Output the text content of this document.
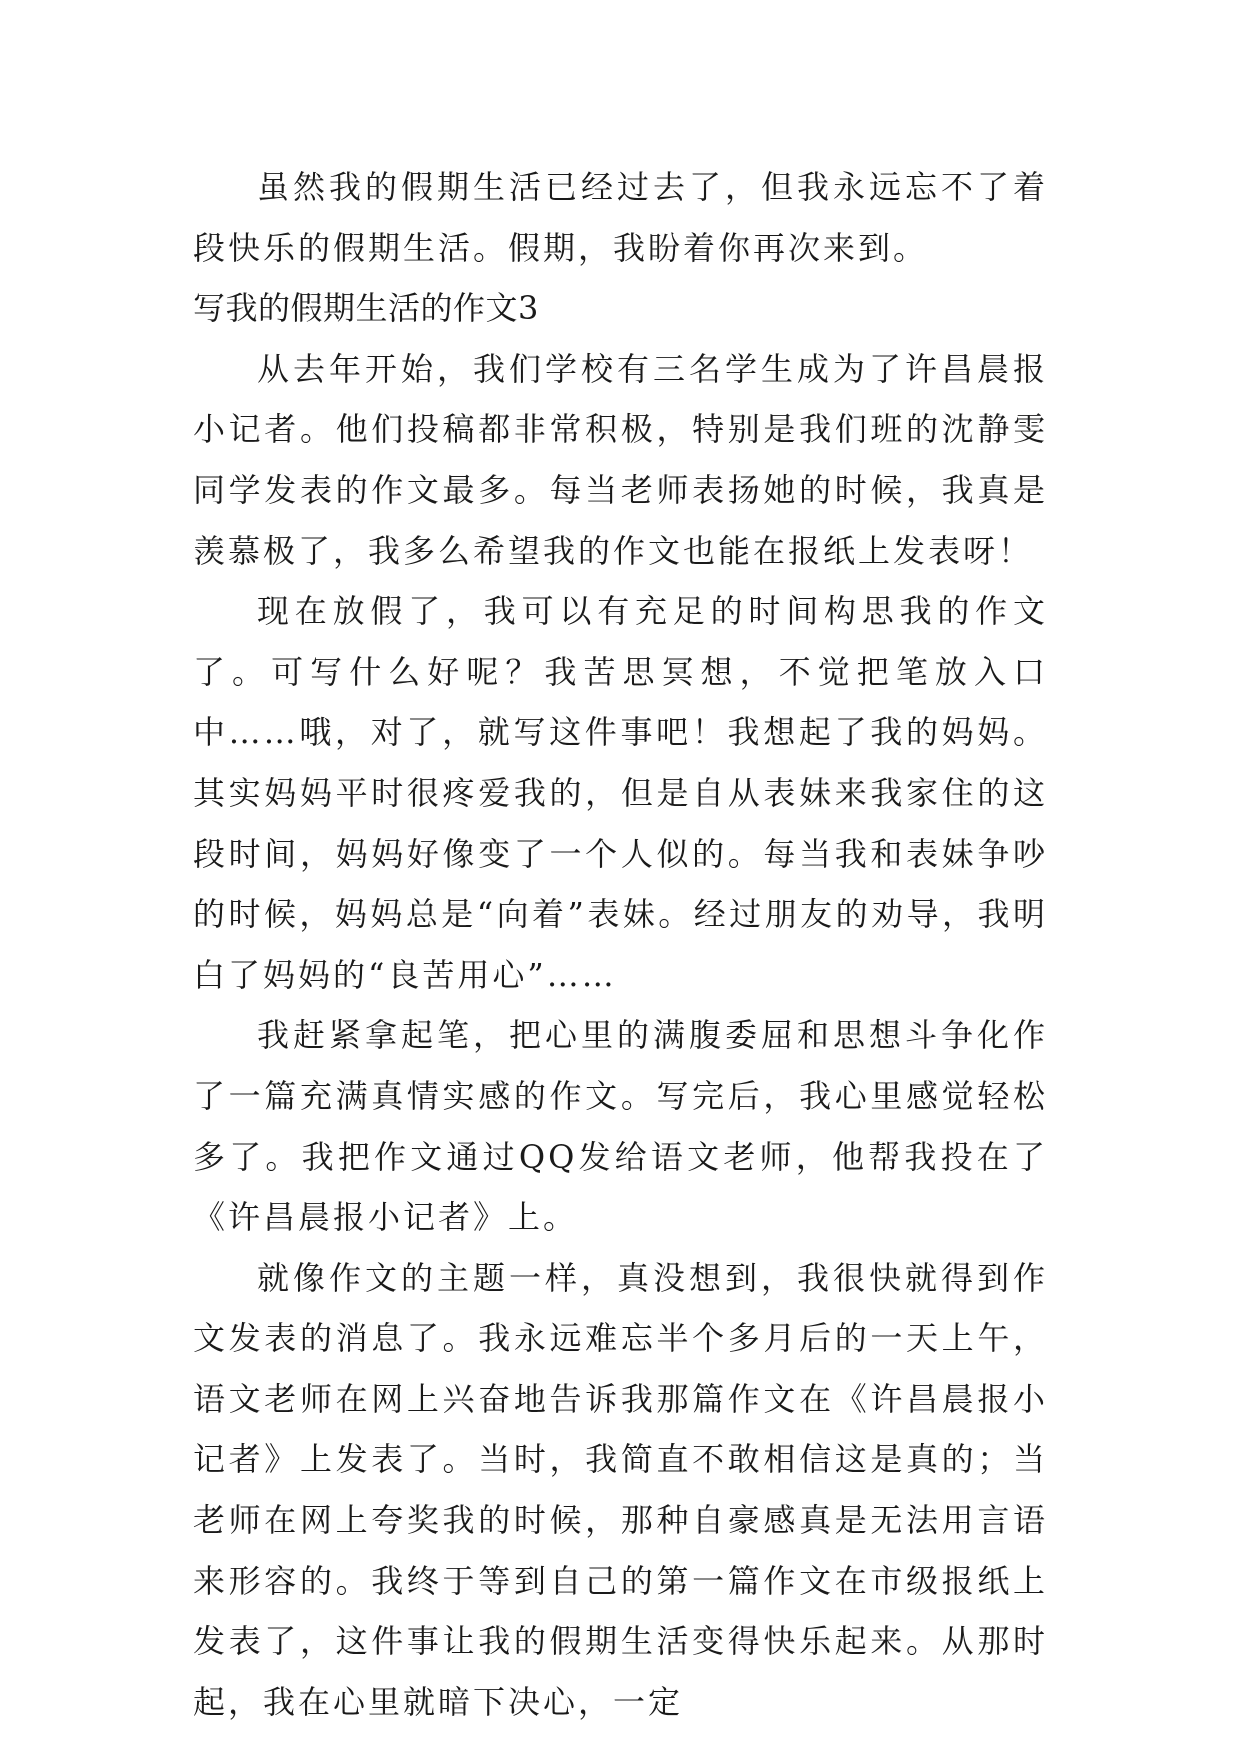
虽然我的假期生活已经过去了，但我永远忘不了着段快乐的假期生活。假期，我盼着你再次来到。

写我的假期生活的作文3

从去年开始，我们学校有三名学生成为了许昌晨报小记者。他们投稿都非常积极，特别是我们班的沈静雯同学发表的作文最多。每当老师表扬她的时候，我真是羡慕极了，我多么希望我的作文也能在报纸上发表呀！

现在放假了，我可以有充足的时间构思我的作文了。可写什么好呢？我苦思冥想，不觉把笔放入口中……哦，对了，就写这件事吧！我想起了我的妈妈。其实妈妈平时很疼爱我的，但是自从表妹来我家住的这段时间，妈妈好像变了一个人似的。每当我和表妹争吵的时候，妈妈总是“向着”表妹。经过朋友的劝导，我明白了妈妈的“良苦用心”……

我赶紧拿起笔，把心里的满腹委屈和思想斗争化作了一篇充满真情实感的作文。写完后，我心里感觉轻松多了。我把作文通过QQ发给语文老师，他帮我投在了《许昌晨报小记者》上。

就像作文的主题一样，真没想到，我很快就得到作文发表的消息了。我永远难忘半个多月后的一天上午，语文老师在网上兴奋地告诉我那篇作文在《许昌晨报小记者》上发表了。当时，我简直不敢相信这是真的；当老师在网上夸奖我的时候，那种自豪感真是无法用言语来形容的。我终于等到自己的第一篇作文在市级报纸上发表了，这件事让我的假期生活变得快乐起来。从那时起，我在心里就暗下决心，一定
